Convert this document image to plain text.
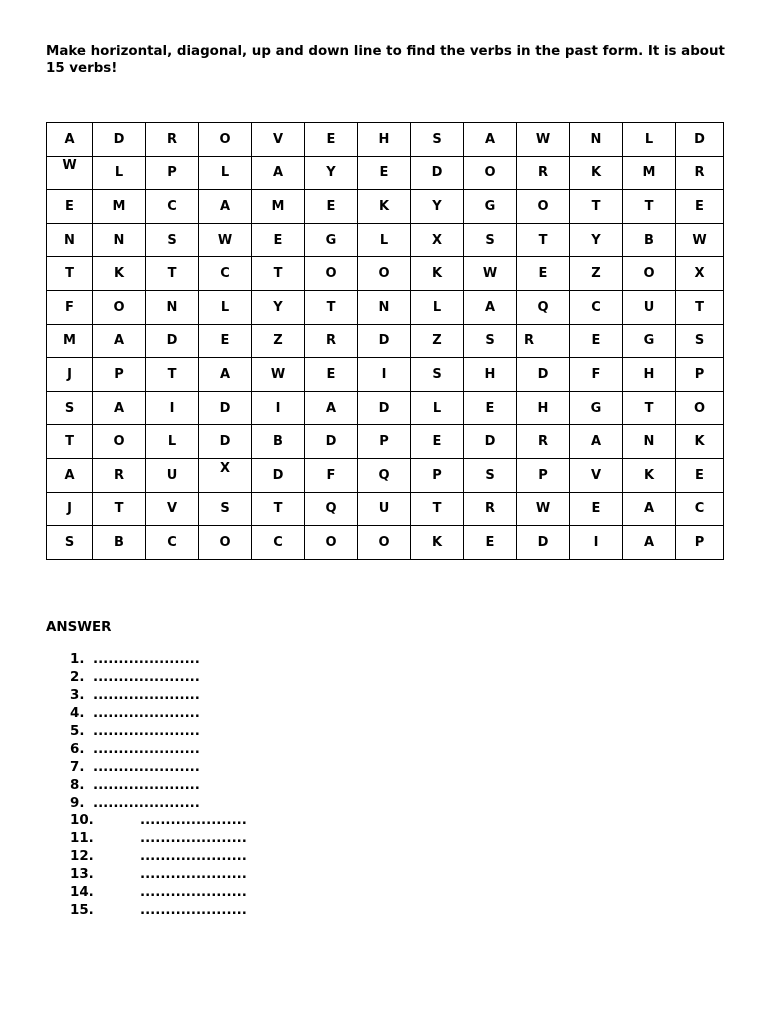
Make horizontal, diagonal, up and down line to find the verbs in the past form. It is about 15 verbs!
A	D	R	O	V	E	H	S	A	W	N	L	D
W	L	P	L	A	Y	E	D	O	R	K	M	R
E	M	C	A	M	E	K	Y	G	O	T	T	E
N	N	S	W	E	G	L	X	S	T	Y	B	W
T	K	T	C	T	O	O	K	W	E	Z	O	X
F	O	N	L	Y	T	N	L	A	Q	C	U	T
M	A	D	E	Z	R	D	Z	S	R	E	G	S
J	P	T	A	W	E	I	S	H	D	F	H	P
S	A	I	D	I	A	D	L	E	H	G	T	O
T	O	L	D	B	D	P	E	D	R	A	N	K
A	R	U	X	D	F	Q	P	S	P	V	K	E
J	T	V	S	T	Q	U	T	R	W	E	A	C
S	B	C	O	C	O	O	K	E	D	I	A	P
ANSWER
1. .....................
2. .....................
3. .....................
4. .....................
5. .....................
6. .....................
7. .....................
8. .....................
9. .....................
10.	.....................
11.	.....................
12.	.....................
13.	.....................
14.	.....................
15.	.....................
